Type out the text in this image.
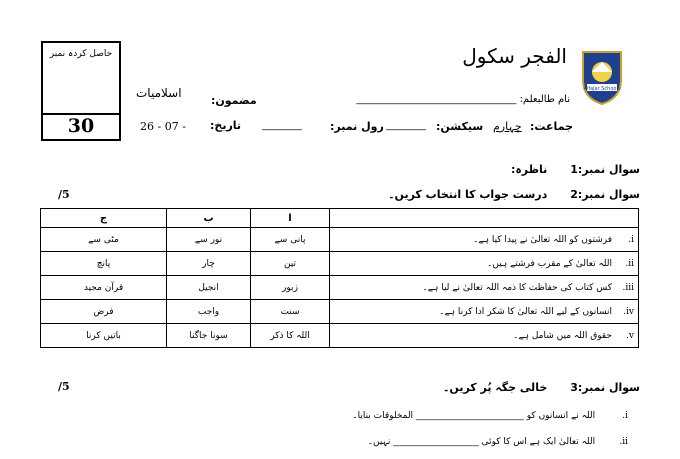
حاصل کردہ نمبر
30
الفجر سکول
Alfajar Schools
نام طالبعلم: ________________________________
مضمون:
اسلامیات
جماعت:
چہارم
سیکشن:
________
رول نمبر:
________
تاریخ:
26 - 07 -
سوال نمبر:1      ناظرہ:
سوال نمبر:2      درست جواب کا انتخاب کریں۔
/5
	ا	ب	ج

i.
فرشتوں کو اللہ تعالیٰ نے پیدا کیا ہے۔	پانی سے	نور سے	مٹی سے

ii.
اللہ تعالیٰ کے مقرب فرشتے ہیں۔	تین	چار	پانچ

iii.
کس کتاب کی حفاظت کا ذمہ اللہ تعالیٰ نے لیا ہے۔	زبور	انجیل	قرآن مجید

iv.
انسانوں کے لیے اللہ تعالیٰ کا شکر ادا کرنا ہے۔	سنت	واجب	فرض

v.
حقوق اللہ میں شامل ہے۔	اللہ کا ذکر	سونا جاگنا	باتیں کرنا
سوال نمبر:3      خالی جگہ پُر کریں۔
/5
i. اللہ نے انسانوں کو ________________________ المخلوقات بنایا۔
ii. اللہ تعالیٰ ایک ہے اس کا کوئی ___________________ نہیں۔
